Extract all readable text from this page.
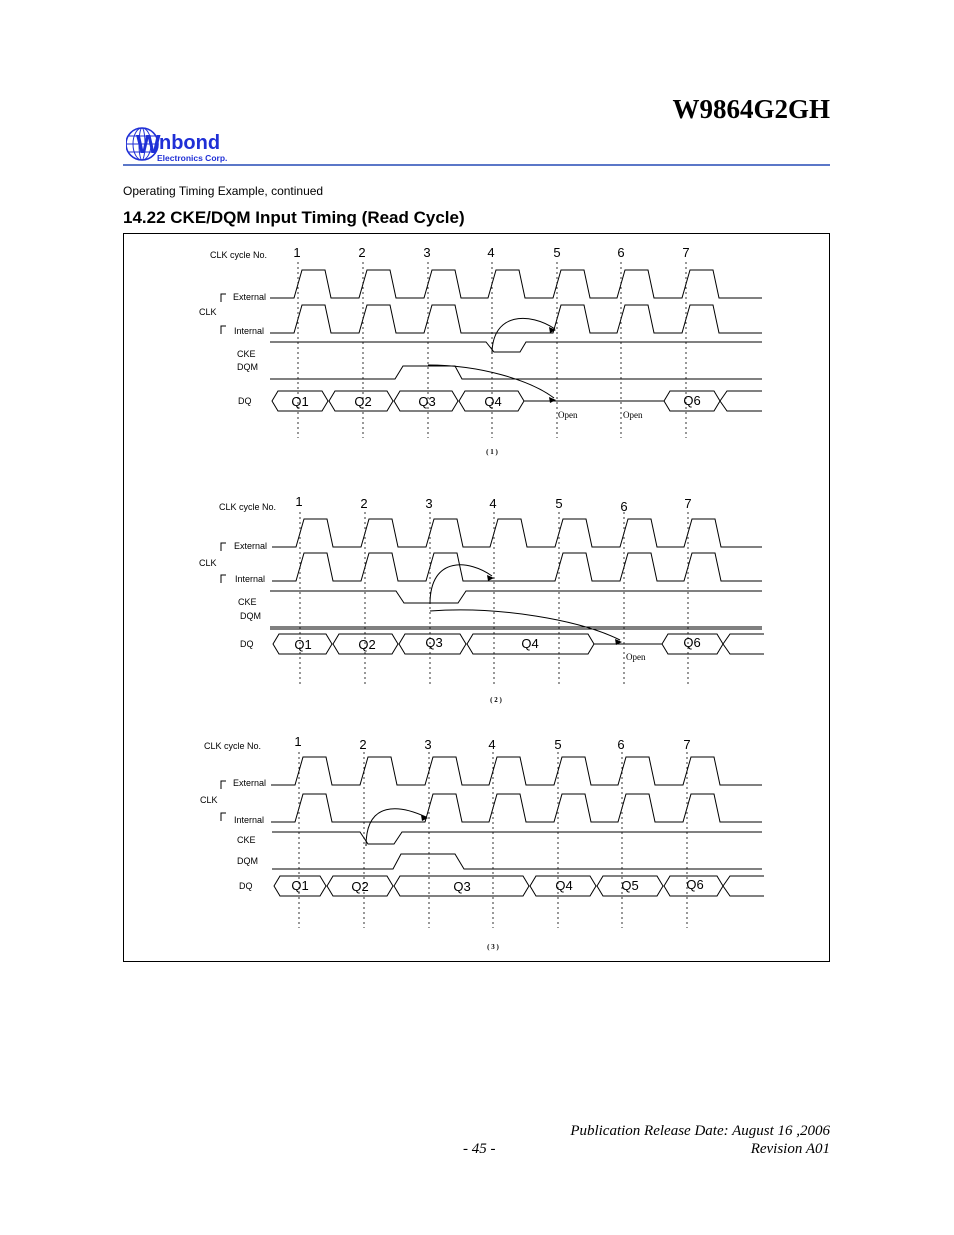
W9864G2GH
W
nbond
Electronics Corp.
Operating Timing Example, continued
14.22 CKE/DQM Input Timing (Read Cycle)
CLK cycle No. 1	2	3	4	5	6	7
External
Internal
CLK
CKE
DQM
DQ	Q1	Q2	Q3	Q4	Q6
Open	Open
( 1 )
CLK cycle No. 1	2	3	4	5	6	7
External
Internal
CLK
CKE
DQM
DQ	Q1	Q2	Q3	Q4	Q6
Open
( 2 )
CLK cycle No.	1	2	3	4	5	6	7
External
Internal
CLK
CKE
DQM
DQ	Q1	Q2	Q3	Q4	Q5	Q6
( 3 )
Publication Release Date: August 16 ,2006
- 45 -	Revision A01
